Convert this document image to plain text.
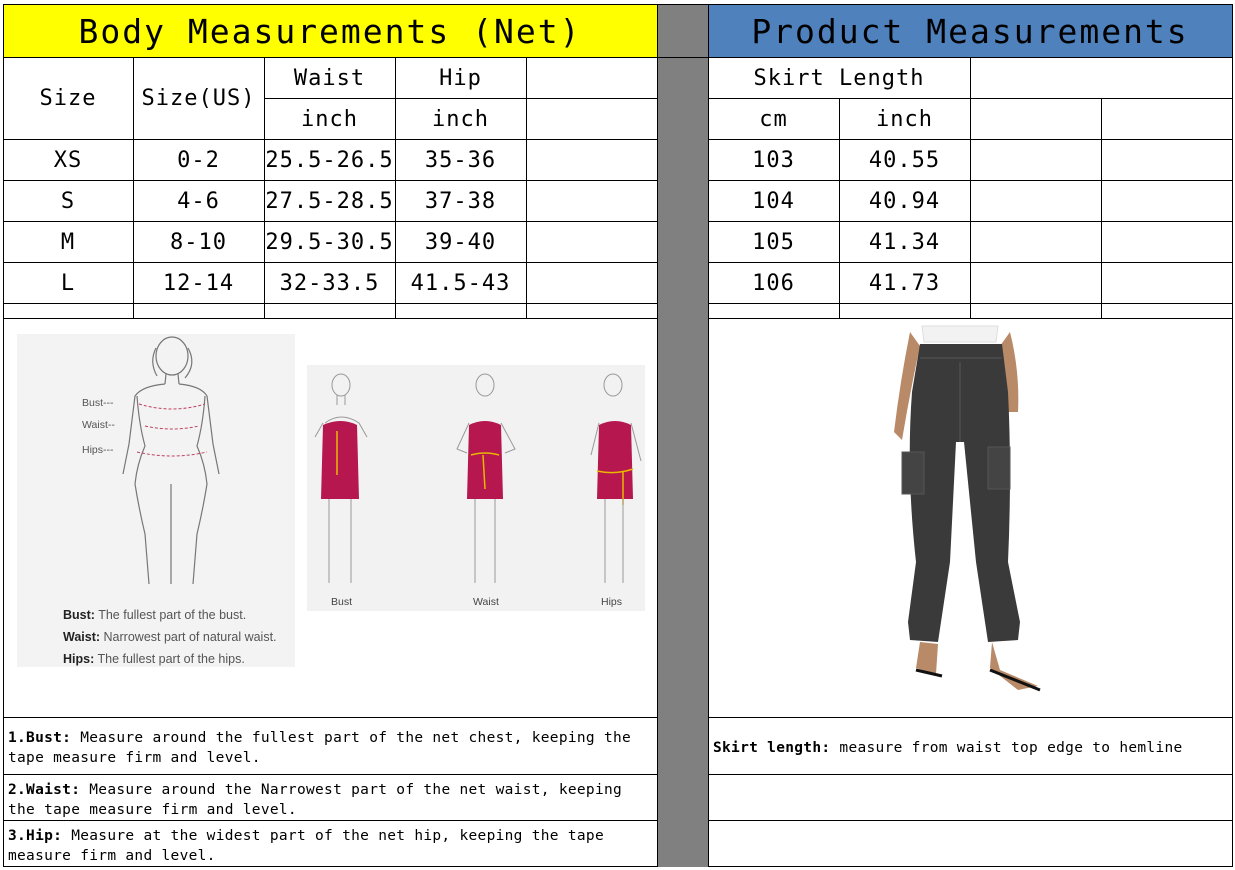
Body Measurements (Net)	Product Measurements
Size	Size(US)
Waist	Hip
inch	inch
XS	0-2	25.5-26.5	35-36
S	4-6	27.5-28.5	37-38
M	8-10	29.5-30.5	39-40
L	12-14	32-33.5	41.5-43
Skirt Length
cm	inch
103	40.55
104	40.94
105	41.34
106	41.73
Bust---
Waist--
Hips---
Bust: The fullest part of the bust.
Waist: Narrowest part of natural waist.
Hips: The fullest part of the hips.
Bust	Waist	Hips
1.Bust: Measure around the fullest part of the net chest, keeping the tape measure firm and level.
2.Waist: Measure around the Narrowest part of the net waist, keeping the tape measure firm and level.
3.Hip: Measure at the widest part of the net hip, keeping the tape measure firm and level.
Skirt length: measure from waist top edge to hemline
